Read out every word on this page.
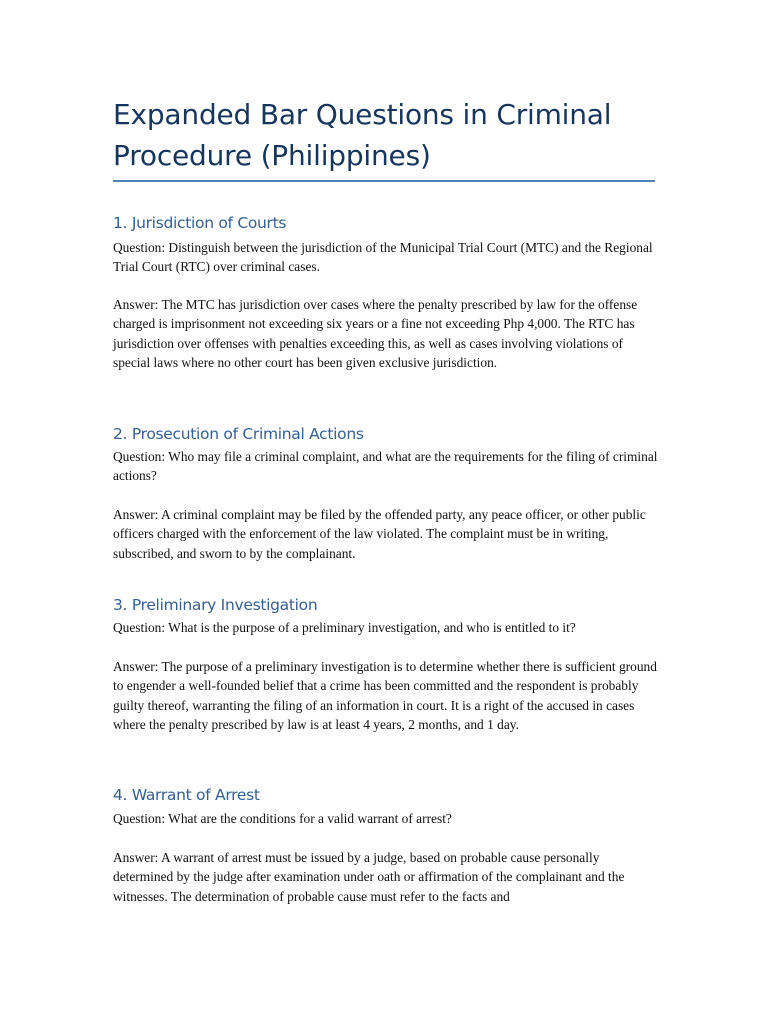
Expanded Bar Questions in Criminal Procedure (Philippines)
1. Jurisdiction of Courts

Question: Distinguish between the jurisdiction of the Municipal Trial Court (MTC) and the Regional Trial Court (RTC) over criminal cases.

Answer: The MTC has jurisdiction over cases where the penalty prescribed by law for the offense charged is imprisonment not exceeding six years or a fine not exceeding Php 4,000. The RTC has jurisdiction over offenses with penalties exceeding this, as well as cases involving violations of special laws where no other court has been given exclusive jurisdiction.

2. Prosecution of Criminal Actions

Question: Who may file a criminal complaint, and what are the requirements for the filing of criminal actions?

Answer: A criminal complaint may be filed by the offended party, any peace officer, or other public officers charged with the enforcement of the law violated. The complaint must be in writing, subscribed, and sworn to by the complainant.

3. Preliminary Investigation

Question: What is the purpose of a preliminary investigation, and who is entitled to it?

Answer: The purpose of a preliminary investigation is to determine whether there is sufficient ground to engender a well-founded belief that a crime has been committed and the respondent is probably guilty thereof, warranting the filing of an information in court. It is a right of the accused in cases where the penalty prescribed by law is at least 4 years, 2 months, and 1 day.

4. Warrant of Arrest

Question: What are the conditions for a valid warrant of arrest?

Answer: A warrant of arrest must be issued by a judge, based on probable cause personally determined by the judge after examination under oath or affirmation of the complainant and the witnesses. The determination of probable cause must refer to the facts and
